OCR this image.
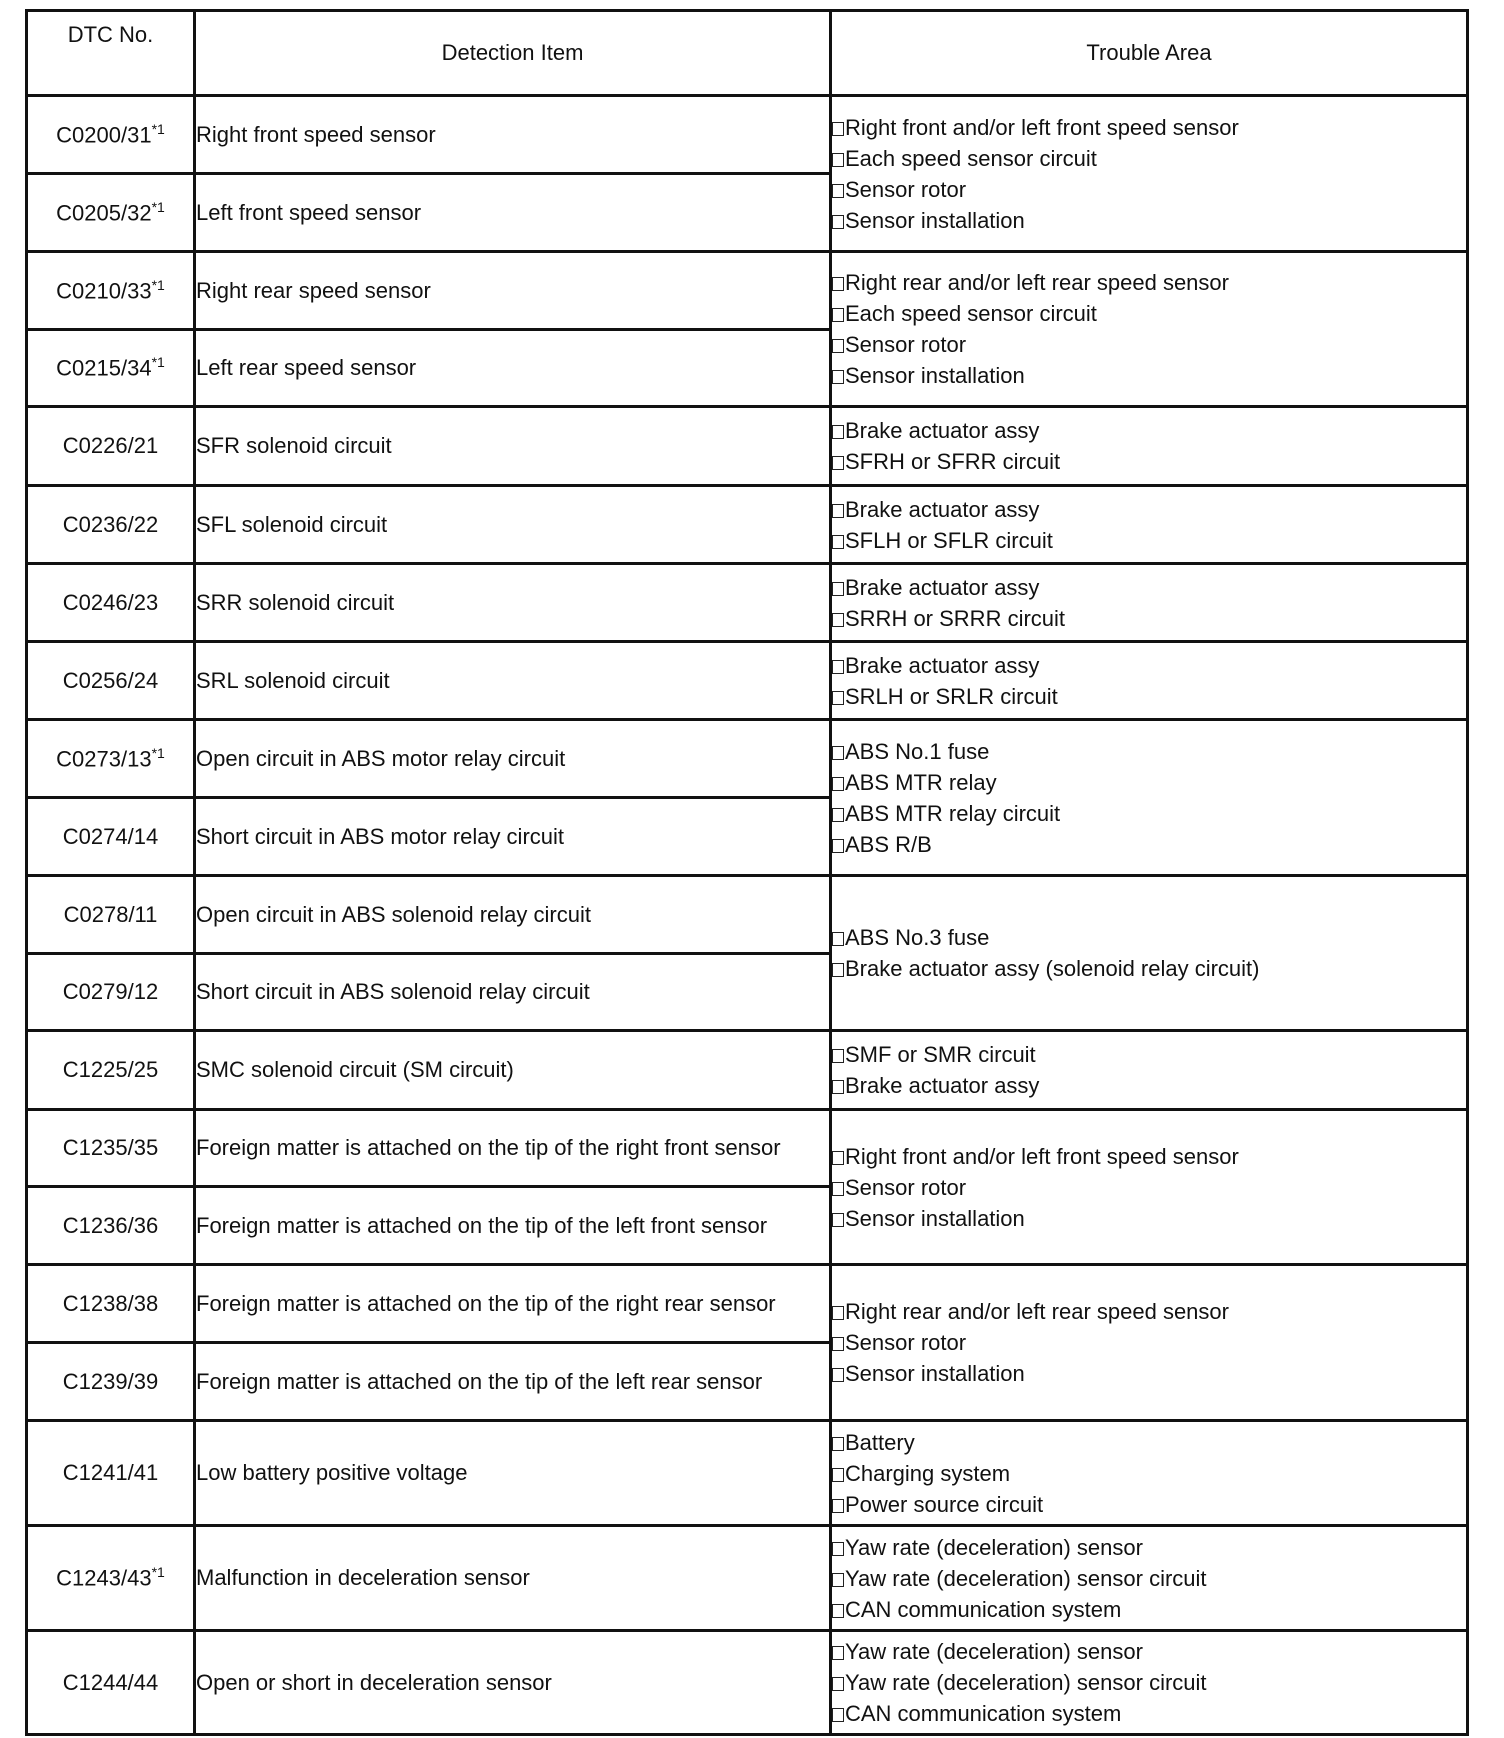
DTC No.	Detection Item	Trouble Area
C0200/31$^{*1}$	Right front speed sensor	Right front and/or left front speed sensor
Each speed sensor circuit
Sensor rotor
Sensor installation

C0205/32$^{*1}$	Left front speed sensor	
C0210/33$^{*1}$	Right rear speed sensor	Right rear and/or left rear speed sensor
Each speed sensor circuit
Sensor rotor
Sensor installation

C0215/34$^{*1}$	Left rear speed sensor	
C0226/21	SFR solenoid circuit	Brake actuator assy
SFRH or SFRR circuit

C0236/22	SFL solenoid circuit	Brake actuator assy
SFLH or SFLR circuit

C0246/23	SRR solenoid circuit	Brake actuator assy
SRRH or SRRR circuit

C0256/24	SRL solenoid circuit	Brake actuator assy
SRLH or SRLR circuit

C0273/13$^{*1}$	Open circuit in ABS motor relay circuit	ABS No.1 fuse
ABS MTR relay
ABS MTR relay circuit
ABS R/B

C0274/14	Short circuit in ABS motor relay circuit	
C0278/11	Open circuit in ABS solenoid relay circuit	ABS No.3 fuse
Brake actuator assy (solenoid relay circuit)

C0279/12	Short circuit in ABS solenoid relay circuit	
C1225/25	SMC solenoid circuit (SM circuit)	SMF or SMR circuit
Brake actuator assy

C1235/35	Foreign matter is attached on the tip of the right front sensor	Right front and/or left front speed sensor
Sensor rotor
Sensor installation

C1236/36	Foreign matter is attached on the tip of the left front sensor	
C1238/38	Foreign matter is attached on the tip of the right rear sensor	Right rear and/or left rear speed sensor
Sensor rotor
Sensor installation

C1239/39	Foreign matter is attached on the tip of the left rear sensor	
C1241/41	Low battery positive voltage	Battery
Charging system
Power source circuit

C1243/43$^{*1}$	Malfunction in deceleration sensor	Yaw rate (deceleration) sensor
Yaw rate (deceleration) sensor circuit
CAN communication system

C1244/44	Open or short in deceleration sensor	Yaw rate (deceleration) sensor
Yaw rate (deceleration) sensor circuit
CAN communication system
